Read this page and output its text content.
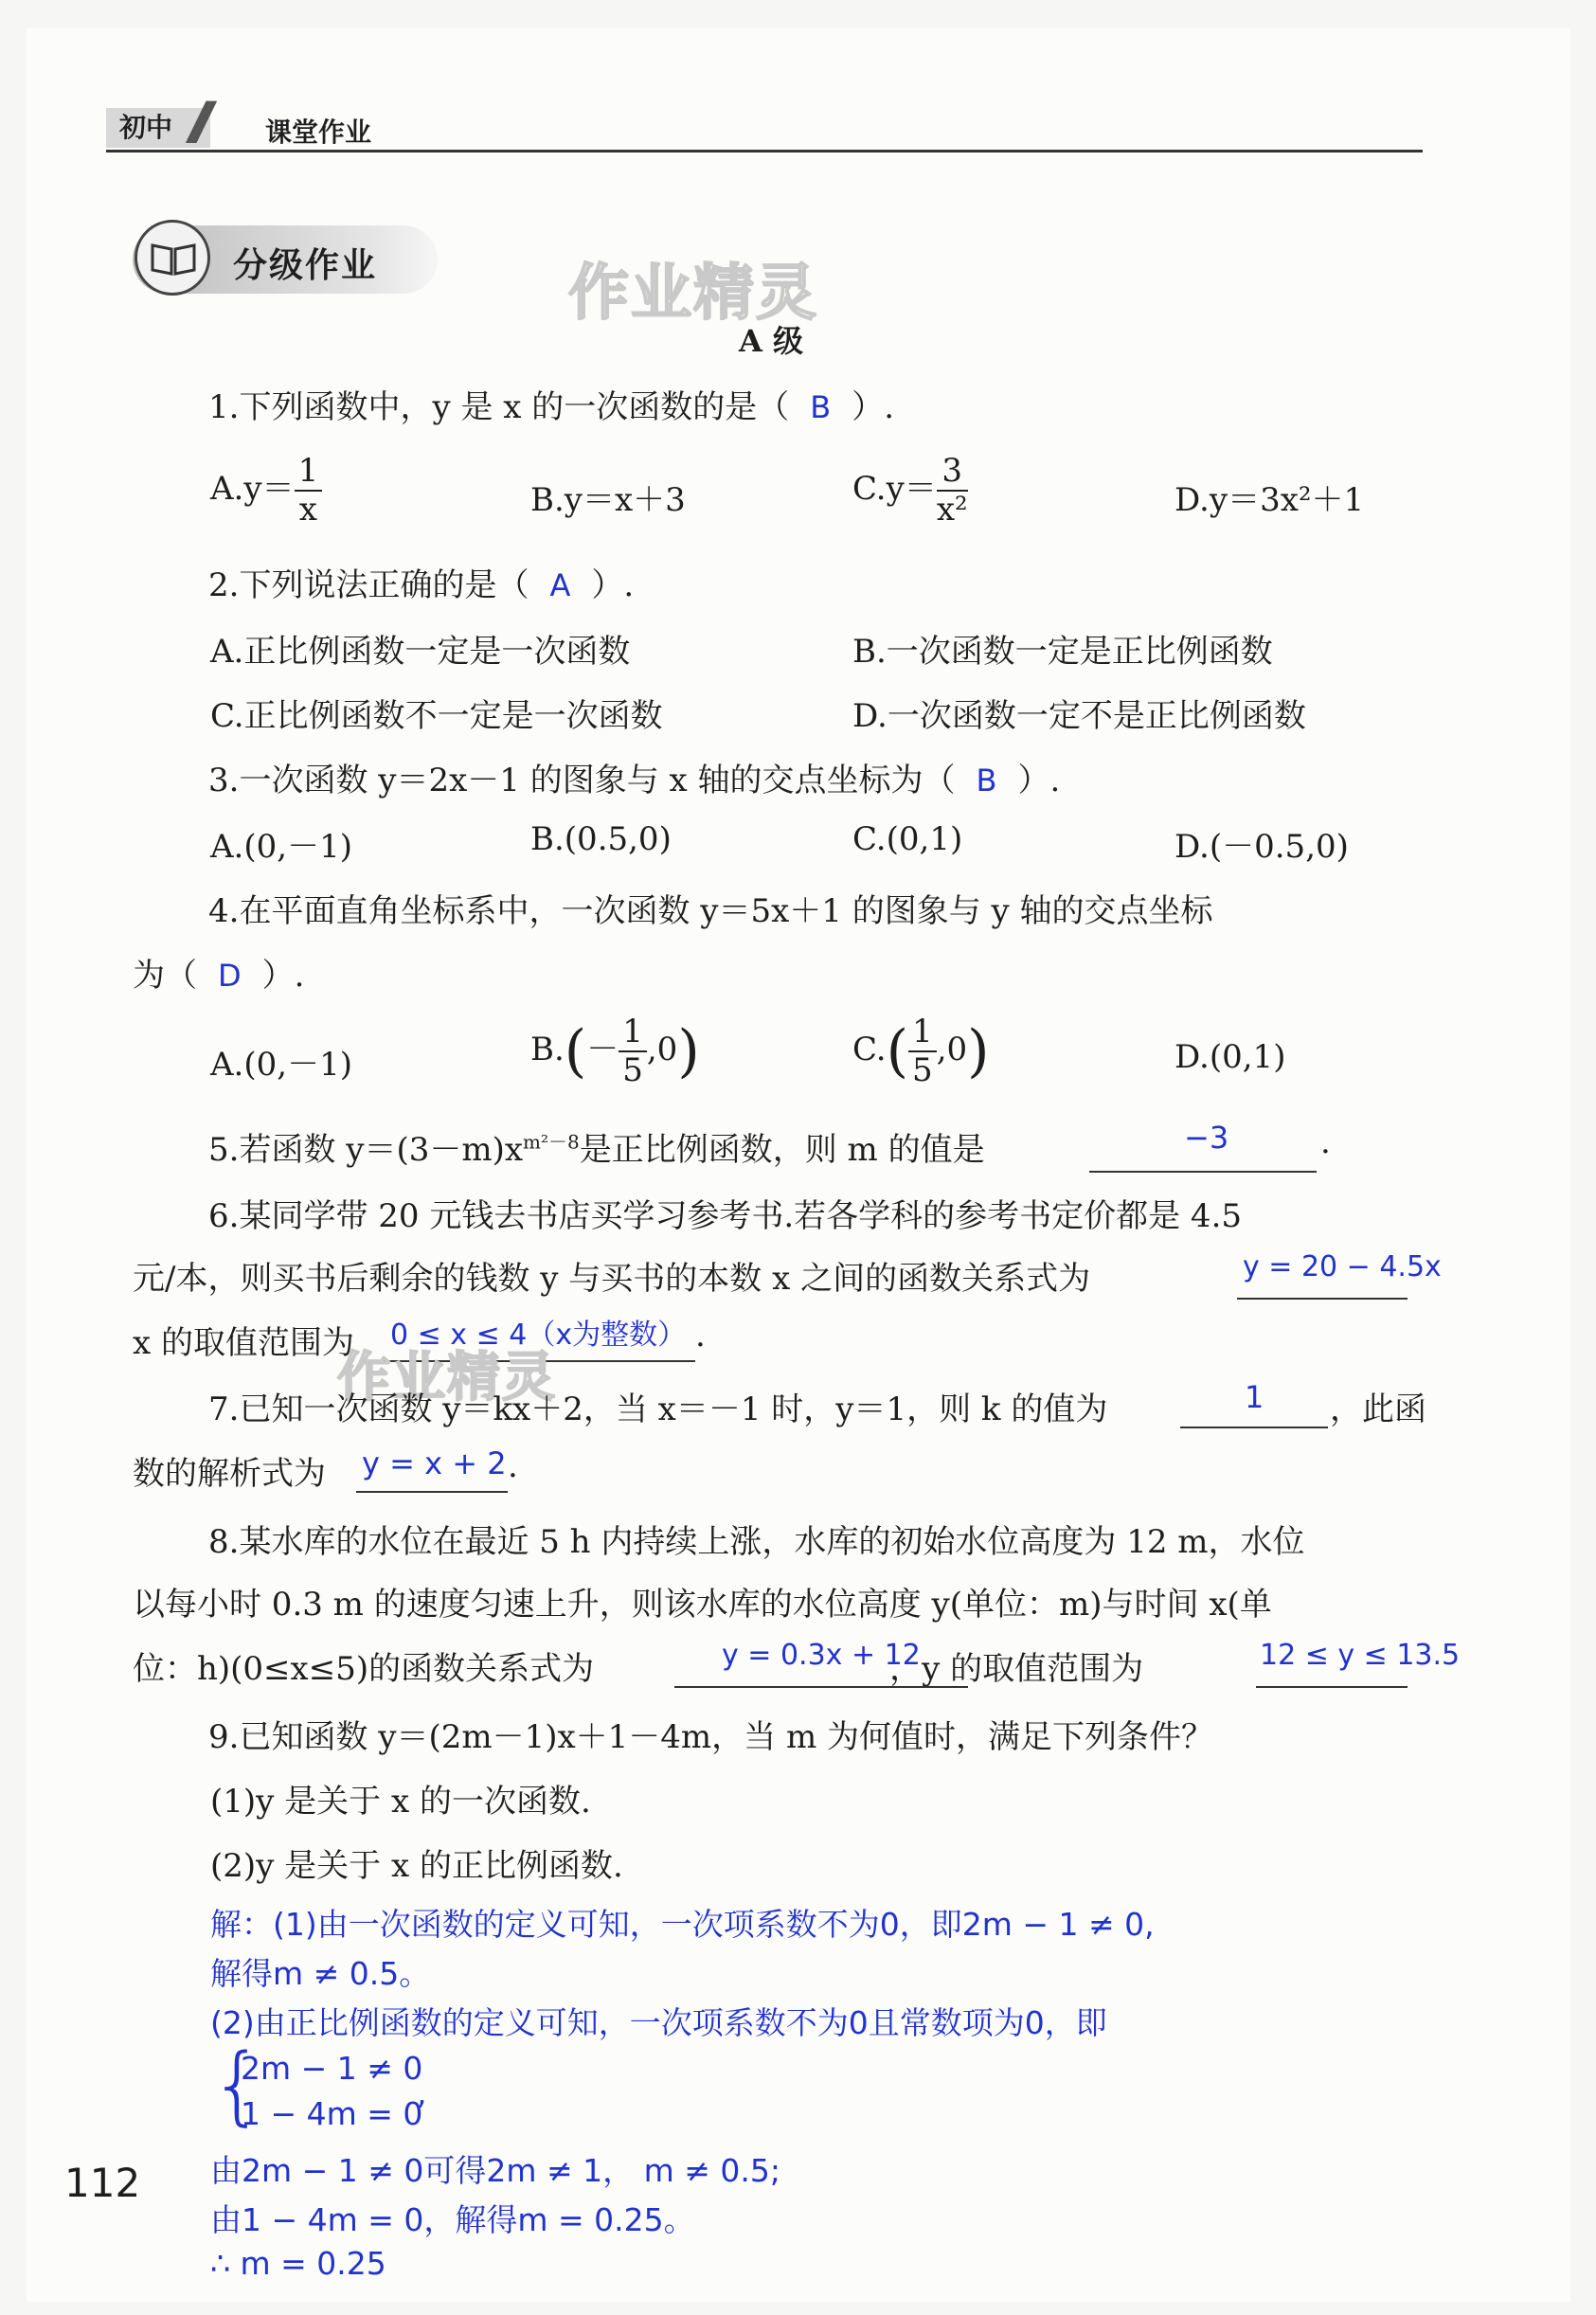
初中 // 课堂作业
分级作业	作业精灵
A 级
1.下列函数中，y 是 x 的一次函数的是（ B ）.
$A.y= \frac{1}{x}$	B.y＝x＋3	$C.y= \frac{3}{\text{x²}}$	D.y＝3x²＋1
2.下列说法正确的是（ A ）.
A.正比例函数一定是一次函数	B.一次函数一定是正比例函数
C.正比例函数不一定是一次函数	D.一次函数一定不是正比例函数
3.一次函数 y＝2x－1 的图象与 x 轴的交点坐标为（ B ）.
A.(0,－1)	B.(0.5,0)	C.(0,1)	D.(－0.5,0)
4.在平面直角坐标系中，一次函数 y＝5x＋1 的图象与 y 轴的交点坐标
为（ D ）.
A.(0,－1)	$B.(- \frac{1}{5} ,0)$	$C.( \frac{1}{5} ,0)$	D.(0,1)
5.若函数 $y=(3-m)x^{m^2-8}$是正比例函数，则 m 的值是	−3	.
6.某同学带 20 元钱去书店买学习参考书.若各学科的参考书定价都是 4.5
元/本，则买书后剩余的钱数 y 与买书的本数 x 之间的函数关系式为	y = 20 − 4.5x
x 的取值范围为 0 ≤ x ≤ 4（x为整数） .
作业精灵
7.已知一次函数 y＝kx＋2，当 x＝－1 时，y＝1，则 k 的值为	1 ，此函
数的解析式为 y = x + 2 .
8.某水库的水位在最近 5 h 内持续上涨，水库的初始水位高度为 12 m，水位
以每小时 0.3 m 的速度匀速上升，则该水库的水位高度 y(单位：m)与时间 x(单
位：h)(0≤x≤5)的函数关系式为	，y 的取值范围为
y = 0.3x + 12	12 ≤ y ≤ 13.5
9.已知函数 y＝(2m－1)x＋1－4m，当 m 为何值时，满足下列条件？
(1)y 是关于 x 的一次函数.
(2)y 是关于 x 的正比例函数.
解：(1)由一次函数的定义可知，一次项系数不为0，即2m − 1 ≠ 0,
解得m ≠ 0.5。
(2)由正比例函数的定义可知，一次项系数不为0且常数项为0，即
{
2m − 1 ≠ 0
1 − 4m = 0
,
由2m − 1 ≠ 0可得2m ≠ 1， m ≠ 0.5;
由1 − 4m = 0，解得m = 0.25。
∴ m = 0.25
112
